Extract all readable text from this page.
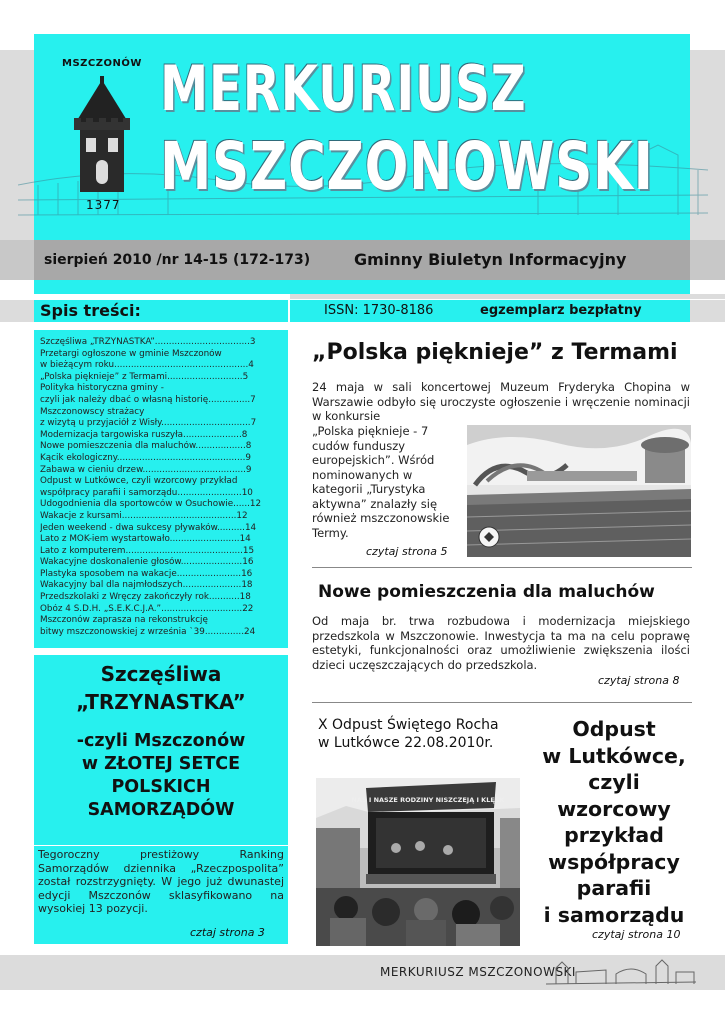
MSZCZONÓW
1377
MERKURIUSZ
MSZCZONOWSKI
sierpień 2010 /nr 14-15 (172-173)	Gminny Biuletyn Informacyjny
Spis treści:
Szczęśliwa „TRZYNASTKA”..................................3
Przetargi ogłoszone w gminie Mszczonów
w bieżącym roku................................................4
„Polska piękniejе” z Termami...........................5
Polityka historyczna gminy -
czyli jak należy dbać o własną historię...............7
Mszczonowscy strażacy
z wizytą u przyjaciół z Wisły................................7
Modernizacja targowiska ruszyła.....................8
Nowe pomieszczenia dla maluchów..................8
Kącik ekologiczny..............................................9
Zabawa w cieniu drzew.....................................9
Odpust w Lutkówce, czyli wzorcowy przykład
współpracy parafii i samorządu.......................10
Udogodnienia dla sportowców w Osuchowie......12
Wakacje z kursami.........................................12
Jeden weekend - dwa sukcesy pływaków..........14
Lato z MOK-iem wystartowało.........................14
Lato z komputerem..........................................15
Wakacyjne doskonalenie głosów......................16
Plastyka sposobem na wakacje.......................16
Wakacyjny bal dla najmłodszych.....................18
Przedszkolaki z Wręczy zakończyły rok...........18
Obóz 4 S.D.H. „S.E.K.C.J.A.”.............................22
Mszczonów zaprasza na rekonstrukcję
bitwy mszczonowskiej z września `39..............24
Szczęśliwa
„TRZYNASTKA”
-czyli Mszczonów
w ZŁOTEJ SETCE
POLSKICH
SAMORZĄDÓW
Tegoroczny prestiżowy Ranking Samorządów dziennika „Rzeczpospolita” został rozstrzygnięty. W jego już dwunastej edycji Mszczonów sklasyfikowano na wysokiej 13 pozycji.
cztaj strona 3
ISSN: 1730-8186	egzemplarz bezpłatny
„Polska piękniejе” z Termami
24 maja w sali koncertowej Muzeum Fryderyka Chopina w Warszawie odbyło się uroczyste ogłoszenie i wręczenie nominacji w konkursie
„Polska piękniejе - 7 cudów funduszy europejskich”. Wśród nominowanych w kategorii „Turystyka aktywna” znalazły się również mszczonowskie Termy.
czytaj strona 5
Nowe pomieszczenia dla maluchów
Od maja br. trwa rozbudowa i modernizacja miejskiego przedszkola w Mszczonowie. Inwestycja ta ma na celu poprawę estetyki, funkcjonalności oraz umożliwienie zwiększenia ilości dzieci uczęszczających do przedszkola.
czytaj strona 8
X Odpust Świętego Rocha
w Lutkówce 22.08.2010r.
NAS I NASZE RODZINY NISZCZEJĄ I KLĘSK
Odpust
w Lutkówce,
czyli
wzorcowy
przykład
współpracy
parafii
i samorządu
czytaj strona 10
MERKURIUSZ MSZCZONOWSKI
